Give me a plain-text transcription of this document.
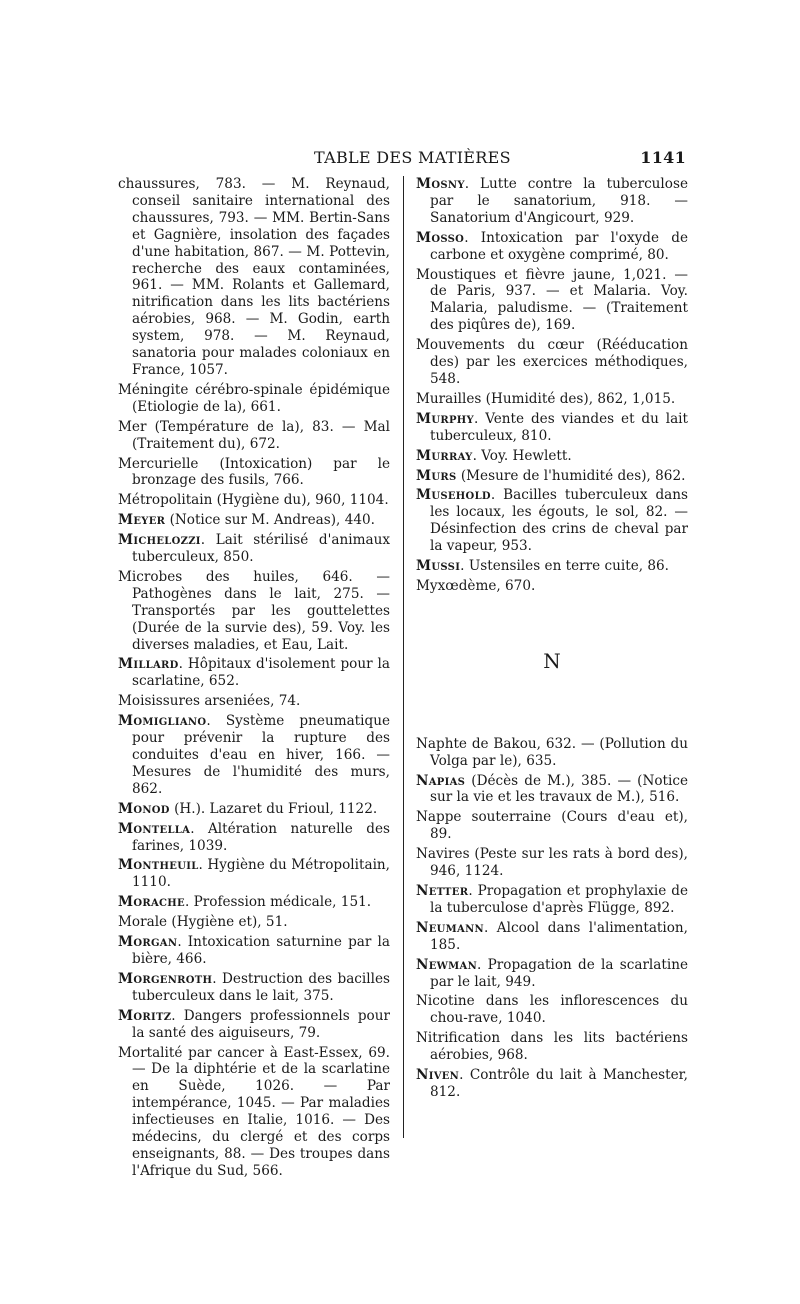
TABLE DES MATIÈRES	1141

chaussures, 783. — M. Reynaud, conseil sanitaire international des chaussures, 793. — MM. Bertin-Sans et Gagnière, insolation des façades d'une habitation, 867. — M. Pottevin, recherche des eaux contaminées, 961. — MM. Rolants et Gallemard, nitrification dans les lits bactériens aérobies, 968. — M. Godin, earth system, 978. — M. Reynaud, sanatoria pour malades coloniaux en France, 1057.

Méningite cérébro-spinale épidémique (Etiologie de la), 661.

Mer (Température de la), 83. — Mal (Traitement du), 672.

Mercurielle (Intoxication) par le bronzage des fusils, 766.

Métropolitain (Hygiène du), 960, 1104.

Meyer (Notice sur M. Andreas), 440.

Michelozzi. Lait stérilisé d'animaux tuberculeux, 850.

Microbes des huiles, 646. — Pathogènes dans le lait, 275. — Transportés par les gouttelettes (Durée de la survie des), 59. Voy. les diverses maladies, et Eau, Lait.

Millard. Hôpitaux d'isolement pour la scarlatine, 652.

Moisissures arseniées, 74.

Momigliano. Système pneumatique pour prévenir la rupture des conduites d'eau en hiver, 166. — Mesures de l'humidité des murs, 862.

Monod (H.). Lazaret du Frioul, 1122.

Montella. Altération naturelle des farines, 1039.

Montheuil. Hygiène du Métropolitain, 1110.

Morache. Profession médicale, 151.

Morale (Hygiène et), 51.

Morgan. Intoxication saturnine par la bière, 466.

Morgenroth. Destruction des bacilles tuberculeux dans le lait, 375.

Moritz. Dangers professionnels pour la santé des aiguiseurs, 79.

Mortalité par cancer à East-Essex, 69. — De la diphtérie et de la scarlatine en Suède, 1026. — Par intempérance, 1045. — Par maladies infectieuses en Italie, 1016. — Des médecins, du clergé et des corps enseignants, 88. — Des troupes dans l'Afrique du Sud, 566.

Mosny. Lutte contre la tuberculose par le sanatorium, 918. — Sanatorium d'Angicourt, 929.

Mosso. Intoxication par l'oxyde de carbone et oxygène comprimé, 80.

Moustiques et fièvre jaune, 1,021. — de Paris, 937. — et Malaria. Voy. Malaria, paludisme. — (Traitement des piqûres de), 169.

Mouvements du cœur (Rééducation des) par les exercices méthodiques, 548.

Murailles (Humidité des), 862, 1,015.

Murphy. Vente des viandes et du lait tuberculeux, 810.

Murray. Voy. Hewlett.

Murs (Mesure de l'humidité des), 862.

Musehold. Bacilles tuberculeux dans les locaux, les égouts, le sol, 82. — Désinfection des crins de cheval par la vapeur, 953.

Mussi. Ustensiles en terre cuite, 86.

Myxœdème, 670.

N

Naphte de Bakou, 632. — (Pollution du Volga par le), 635.

Napias (Décès de M.), 385. — (Notice sur la vie et les travaux de M.), 516.

Nappe souterraine (Cours d'eau et), 89.

Navires (Peste sur les rats à bord des), 946, 1124.

Netter. Propagation et prophylaxie de la tuberculose d'après Flügge, 892.

Neumann. Alcool dans l'alimentation, 185.

Newman. Propagation de la scarlatine par le lait, 949.

Nicotine dans les inflorescences du chou-rave, 1040.

Nitrification dans les lits bactériens aérobies, 968.

Niven. Contrôle du lait à Manchester, 812.
